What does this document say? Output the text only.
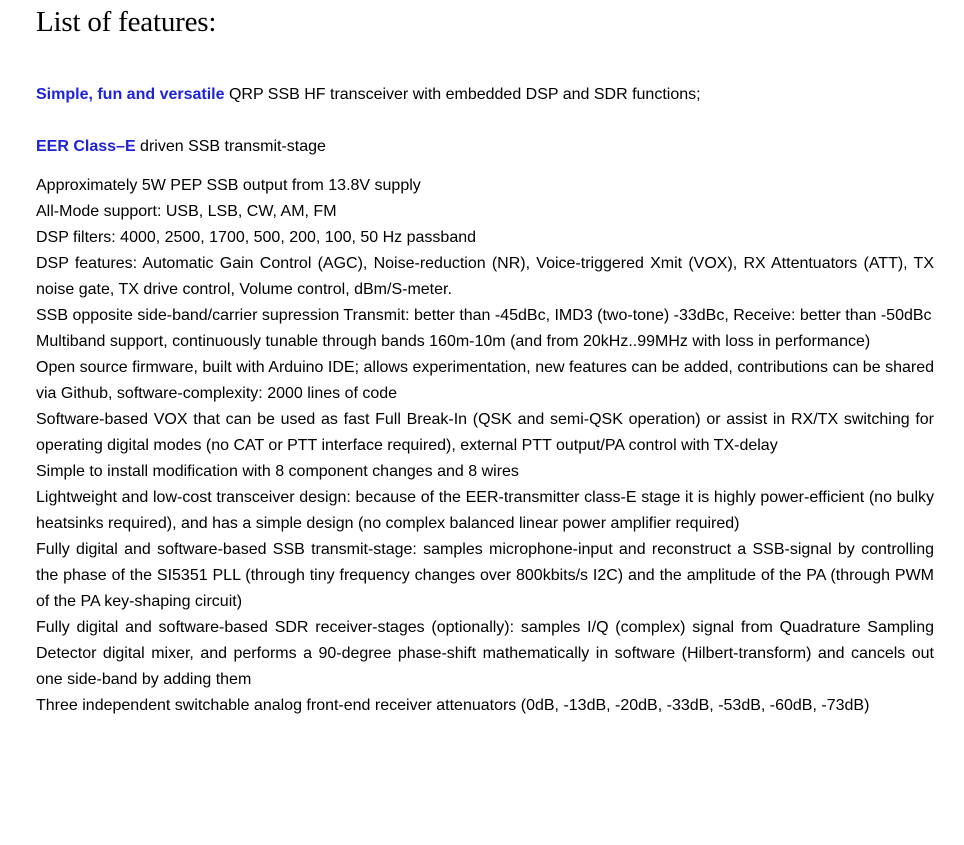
List of features:

Simple, fun and versatile QRP SSB HF transceiver with embedded DSP and SDR functions;

EER Class–E driven SSB transmit-stage

Approximately 5W PEP SSB output from 13.8V supply
All-Mode support: USB, LSB, CW, AM, FM
DSP filters: 4000, 2500, 1700, 500, 200, 100, 50 Hz passband
DSP features: Automatic Gain Control (AGC), Noise-reduction (NR), Voice-triggered Xmit (VOX), RX Attentuators (ATT), TX noise gate, TX drive control, Volume control, dBm/S-meter.
SSB opposite side-band/carrier supression Transmit: better than -45dBc, IMD3 (two-tone) -33dBc, Receive: better than -50dBc
Multiband support, continuously tunable through bands 160m-10m (and from 20kHz..99MHz with loss in performance)
Open source firmware, built with Arduino IDE; allows experimentation, new features can be added, contributions can be shared via Github, software-complexity: 2000 lines of code
Software-based VOX that can be used as fast Full Break-In (QSK and semi-QSK operation) or assist in RX/TX switching for operating digital modes (no CAT or PTT interface required), external PTT output/PA control with TX-delay
Simple to install modification with 8 component changes and 8 wires
Lightweight and low-cost transceiver design: because of the EER-transmitter class-E stage it is highly power-efficient (no bulky heatsinks required), and has a simple design (no complex balanced linear power amplifier required)
Fully digital and software-based SSB transmit-stage: samples microphone-input and reconstruct a SSB-signal by controlling the phase of the SI5351 PLL (through tiny frequency changes over 800kbits/s I2C) and the amplitude of the PA (through PWM of the PA key-shaping circuit)
Fully digital and software-based SDR receiver-stages (optionally): samples I/Q (complex) signal from Quadrature Sampling Detector digital mixer, and performs a 90-degree phase-shift mathematically in software (Hilbert-transform) and cancels out one side-band by adding them
Three independent switchable analog front-end receiver attenuators (0dB, -13dB, -20dB, -33dB, -53dB, -60dB, -73dB)
